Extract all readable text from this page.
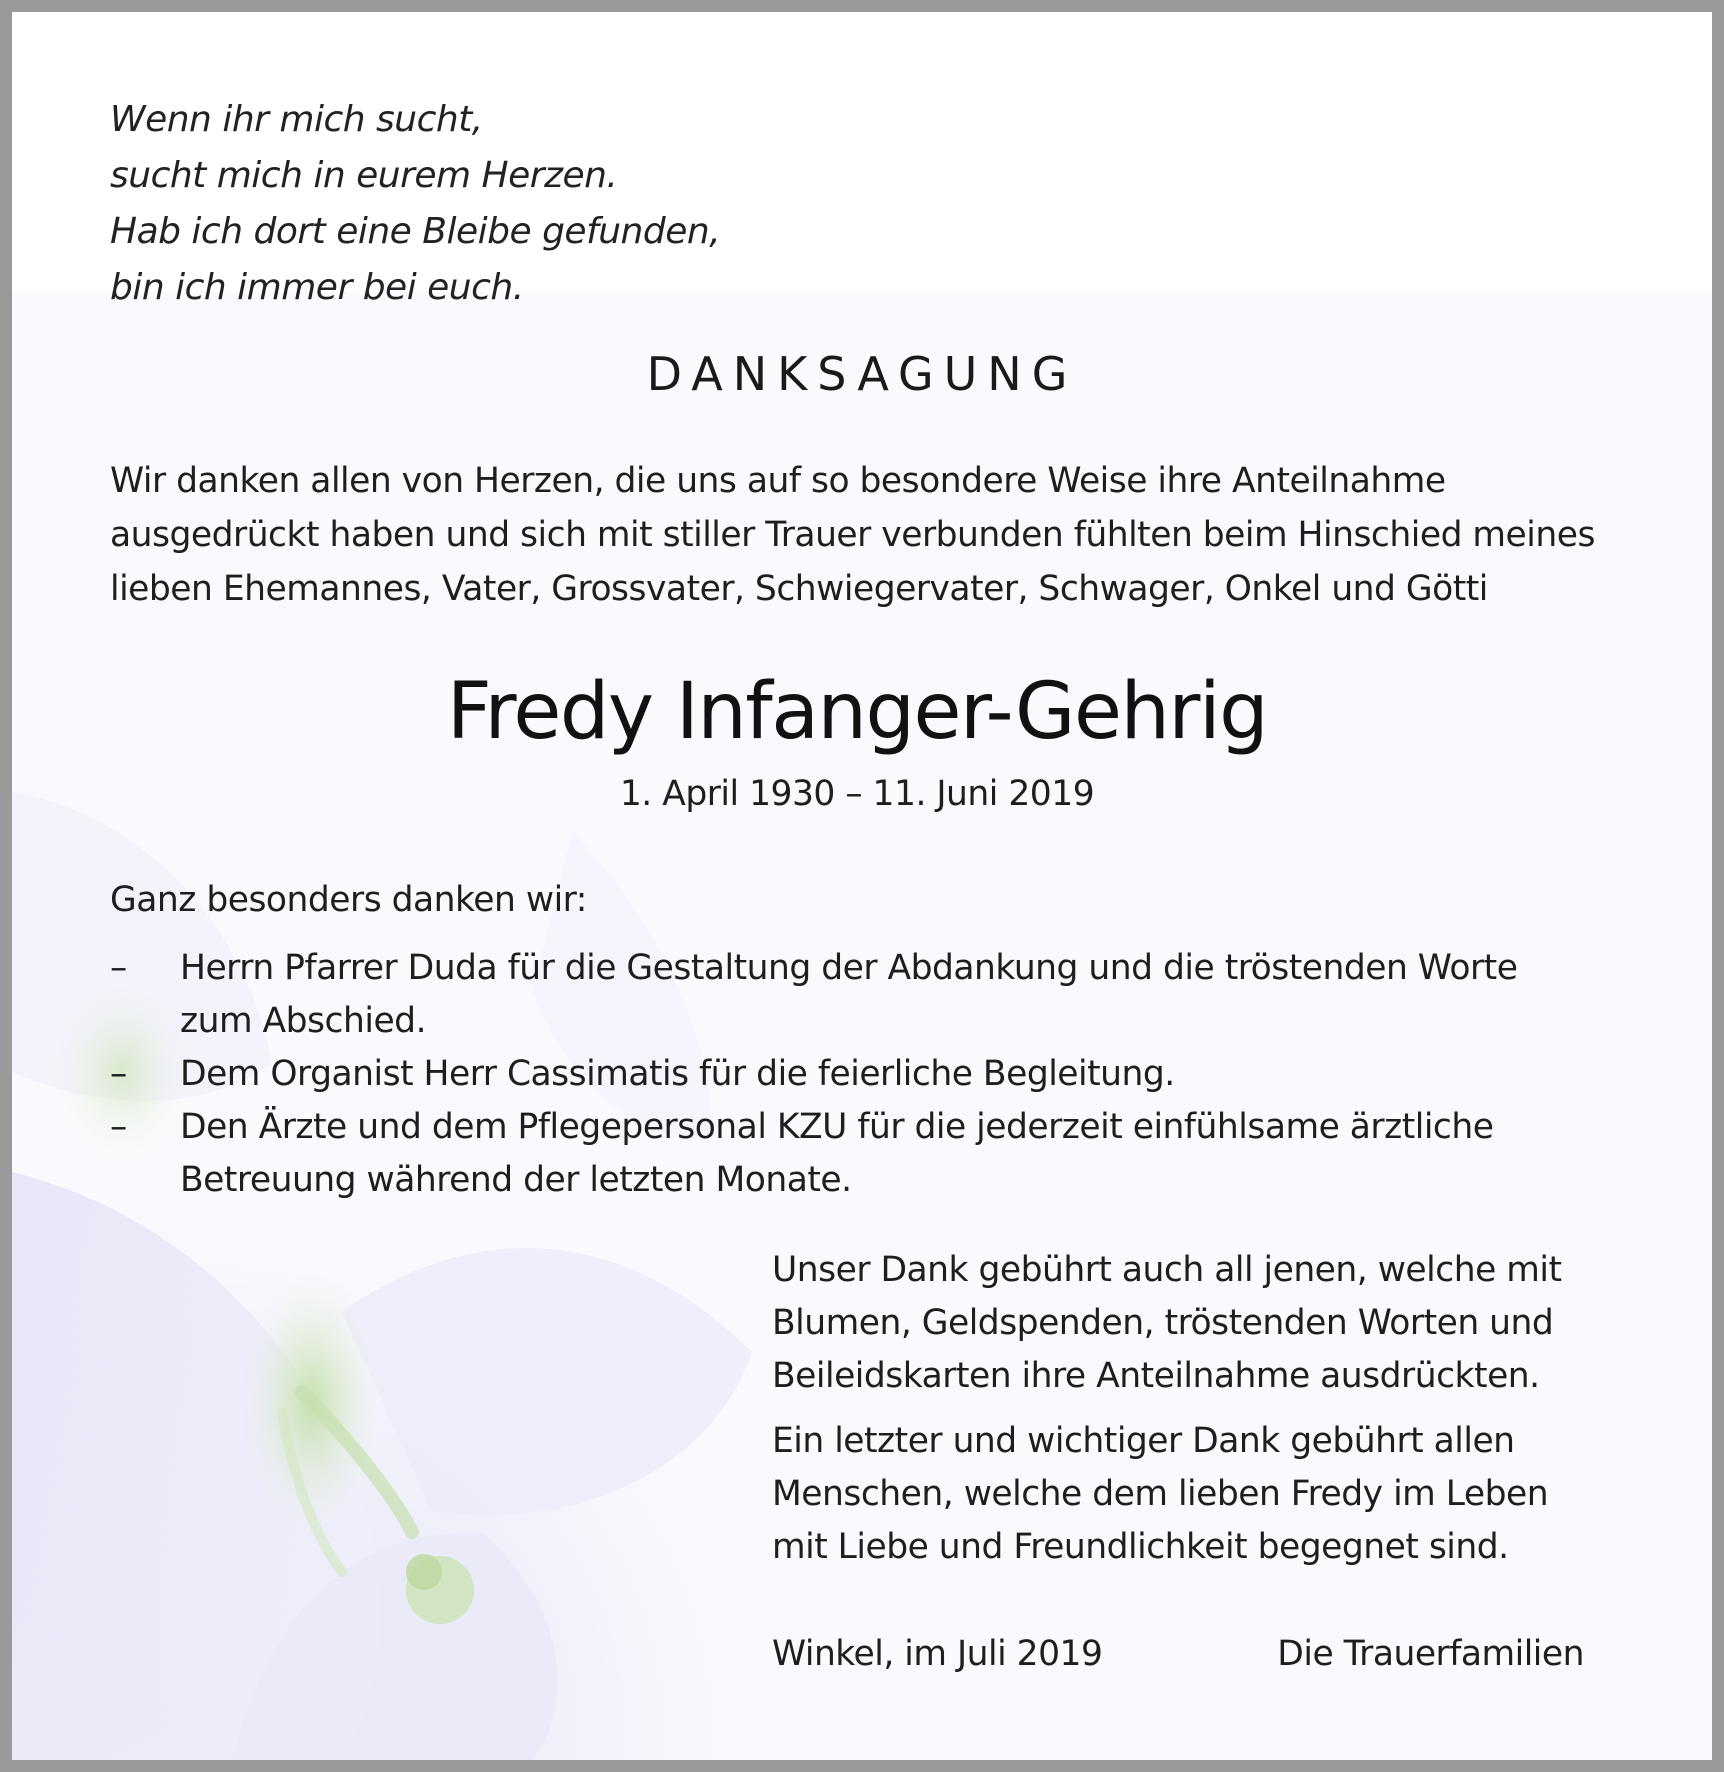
Wenn ihr mich sucht,
sucht mich in eurem Herzen.
Hab ich dort eine Bleibe gefunden,
bin ich immer bei euch.
DANKSAGUNG
Wir danken allen von Herzen, die uns auf so besondere Weise ihre Anteilnahme
ausgedrückt haben und sich mit stiller Trauer verbunden fühlten beim Hinschied meines
lieben Ehemannes, Vater, Grossvater, Schwiegervater, Schwager, Onkel und Götti
Fredy Infanger-Gehrig
1. April 1930 – 11. Juni 2019
Ganz besonders danken wir:
–	Herrn Pfarrer Duda für die Gestaltung der Abdankung und die tröstenden Worte
zum Abschied.
–	Dem Organist Herr Cassimatis für die feierliche Begleitung.
–	Den Ärzte und dem Pflegepersonal KZU für die jederzeit einfühlsame ärztliche
Betreuung während der letzten Monate.

Unser Dank gebührt auch all jenen, welche mit
Blumen, Geldspenden, tröstenden Worten und
Beileidskarten ihre Anteilnahme ausdrückten.

Ein letzter und wichtiger Dank gebührt allen
Menschen, welche dem lieben Fredy im Leben
mit Liebe und Freundlichkeit begegnet sind.

Winkel, im Juli 2019	Die Trauerfamilien
